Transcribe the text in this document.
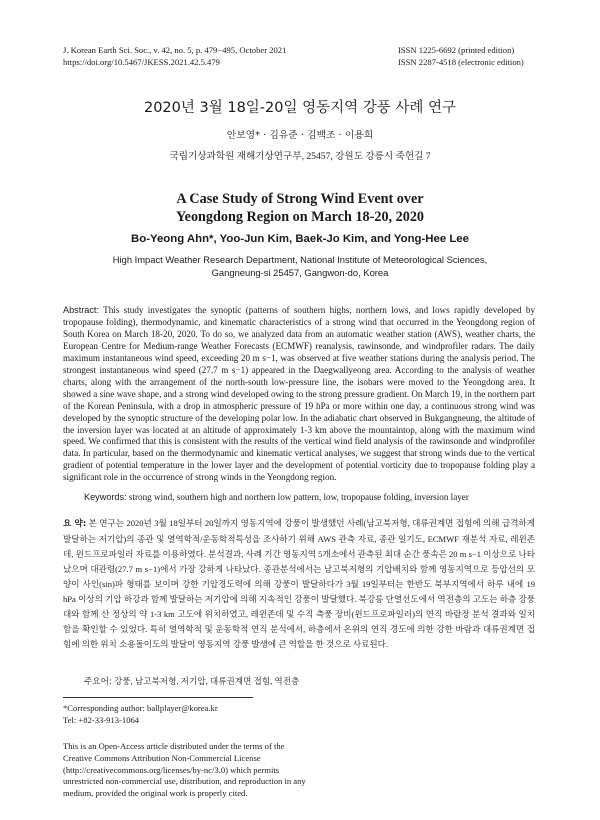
J. Korean Earth Sci. Soc., v. 42, no. 5, p. 479−495, October 2021
https://doi.org/10.5467/JKESS.2021.42.5.479
ISSN 1225-6692 (printed edition)
ISSN 2287-4518 (electronic edition)
2020년 3월 18일-20일 영동지역 강풍 사례 연구
안보영* · 김유준 · 김백조 · 이용희
국립기상과학원 재해기상연구부, 25457, 강원도 강릉시 죽헌길 7
A Case Study of Strong Wind Event over
Yeongdong Region on March 18-20, 2020
Bo-Yeong Ahn*, Yoo-Jun Kim, Baek-Jo Kim, and Yong-Hee Lee
High Impact Weather Research Department, National Institute of Meteorological Sciences,
Gangneung-si 25457, Gangwon-do, Korea
Abstract: This study investigates the synoptic (patterns of southern highs, northern lows, and lows rapidly developed by tropopause folding), thermodynamic, and kinematic characteristics of a strong wind that occurred in the Yeongdong region of South Korea on March 18-20, 2020. To do so, we analyzed data from an automatic weather station (AWS), weather charts, the European Centre for Medium-range Weather Forecasts (ECMWF) reanalysis, rawinsonde, and windprofiler radars. The daily maximum instantaneous wind speed, exceeding 20 m s−1, was observed at five weather stations during the analysis period. The strongest instantaneous wind speed (27.7 m s−1) appeared in the Daegwallyeong area. According to the analysis of weather charts, along with the arrangement of the north-south low-pressure line, the isobars were moved to the Yeongdong area. It showed a sine wave shape, and a strong wind developed owing to the strong pressure gradient. On March 19, in the northern part of the Korean Peninsula, with a drop in atmospheric pressure of 19 hPa or more within one day, a continuous strong wind was developed by the synoptic structure of the developing polar low. In the adiabatic chart observed in Bukgangneung, the altitude of the inversion layer was located at an altitude of approximately 1-3 km above the mountaintop, along with the maximum wind speed. We confirmed that this is consistent with the results of the vertical wind field analysis of the rawinsonde and windprofiler data. In particular, based on the thermodynamic and kinematic vertical analyses, we suggest that strong winds due to the vertical gradient of potential temperature in the lower layer and the development of potential vorticity due to tropopause folding play a significant role in the occurrence of strong winds in the Yeongdong region.
Keywords: strong wind, southern high and northern low pattern, low, tropopause folding, inversion layer
요 약: 본 연구는 2020년 3월 18일부터 20일까지 영동지역에 강풍이 발생했던 사례(남고북저형, 대류권계면 접힘에 의해 급격하게 발달하는 저기압)의 종관 및 열역학적/운동학적특성을 조사하기 위해 AWS 관측 자료, 종관 일기도, ECMWF 재분석 자료, 레윈존데, 윈드프로파일러 자료를 이용하였다. 분석결과, 사례 기간 영동지역 5개소에서 관측된 최대 순간 풍속은 20 m s−1 이상으로 나타났으며 대관령(27.7 m s−1)에서 가장 강하게 나타났다. 종관분석에서는 남고북저형의 기압배치와 함께 영동지역으로 등압선의 모양이 사인(sin)파 형태를 보이며 강한 기압경도력에 의해 강풍이 발달하다가 3월 19일부터는 한반도 북부지역에서 하루 내에 19 hPa 이상의 기압 하강과 함께 발달하는 저기압에 의해 지속적인 강풍이 발달했다. 북강릉 단열선도에서 역전층의 고도는 하층 강풍대와 함께 산 정상의 약 1-3 km 고도에 위치하였고, 레윈존데 및 수직 측풍 장비(윈드프로파일러)의 연직 바람장 분석 결과와 일치함을 확인할 수 있었다. 특히 열역학적 및 운동학적 연직 분석에서, 하층에서 온위의 연직 경도에 의한 강한 바람과 대류권계면 접힘에 의한 위치 소용돌이도의 발달이 영동지역 강풍 발생에 큰 역할을 한 것으로 사료된다.
주요어: 강풍, 남고북저형, 저기압, 대류권계면 접힘, 역전층
*Corresponding author: ballplayer@korea.kr
Tel: +82-33-913-1064
This is an Open-Access article distributed under the terms of the Creative Commons Attribution Non-Commercial License (http://creativecommons.org/licenses/by-nc/3.0) which permits unrestricted non-commercial use, distribution, and reproduction in any medium, provided the original work is properly cited.
